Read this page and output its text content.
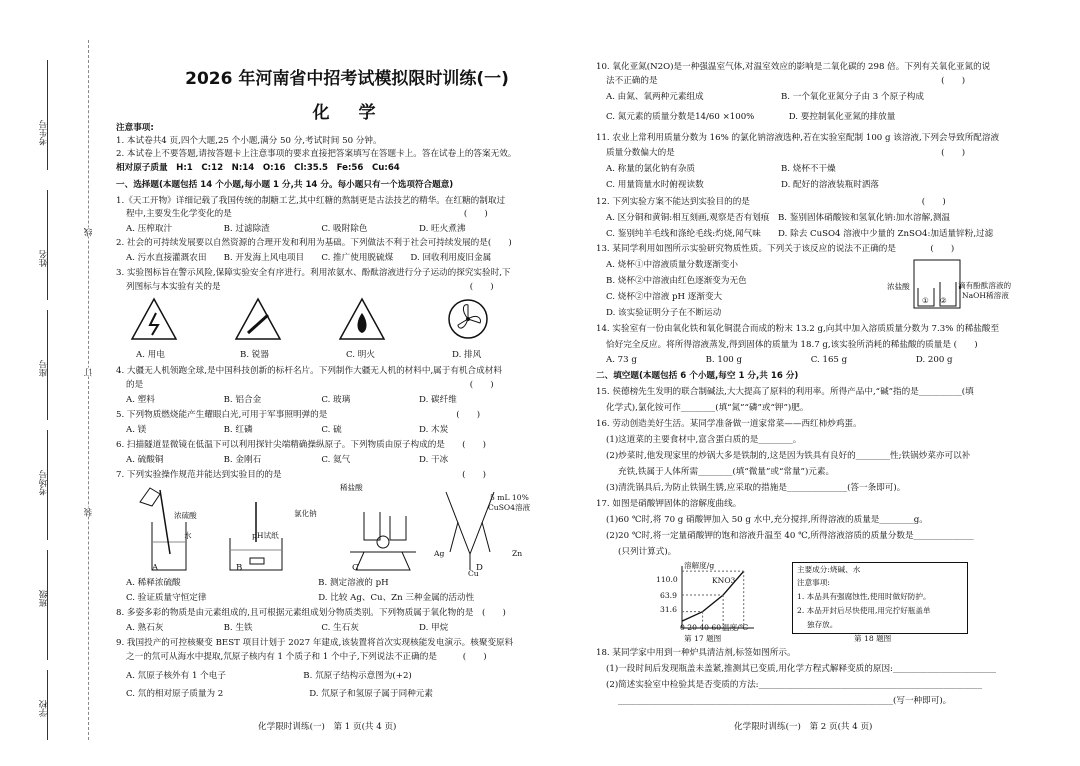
考生号
姓名
座号
考场号
班级
学校
线
订
装
2026 年河南省中招考试模拟限时训练(一)
化　学
注意事项:
1. 本试卷共4 页,四个大题,25 个小题,满分 50 分,考试时间 50 分钟。
2. 本试卷上不要答题,请按答题卡上注意事项的要求直接把答案填写在答题卡上。答在试卷上的答案无效。
相对原子质量　H:1　C:12　N:14　O:16　Cl:35.5　Fe:56　Cu:64
一、选择题(本题包括 14 个小题,每小题 1 分,共 14 分。每小题只有一个选项符合题意)
1.《天工开物》详细记载了我国传统的制糖工艺,其中红糖的熬制更是古法技艺的精华。在红糖的制取过
程中,主要发生化学变化的是　　　　　　　　　　　　　　　　　　　　　　　　　　　(　　)
A. 压榨取汁　　　　　　B. 过滤除渣　　　　　　C. 吸附除色　　　　　　D. 旺火煮沸
2. 社会的可持续发展要以自然资源的合理开发和利用为基础。下列做法不利于社会可持续发展的是(　　)
A. 污水直接灌溉农田　　B. 开发海上风电项目　　C. 推广使用脱硫煤　　D. 回收利用废旧金属
3. 实验图标旨在警示风险,保障实验安全有序进行。利用浓氨水、酚酞溶液进行分子运动的探究实验时,下
列图标与本实验有关的是　　　　　　　　　　　　　　　　　　　　　　　　　　　　　(　　)
A. 用电	B. 锐器	C. 明火	D. 排风
4. 大疆无人机领跑全球,是中国科技创新的标杆名片。下列制作大疆无人机的材料中,属于有机合成材料
的是　　　　　　　　　　　　　　　　　　　　　　　　　　　　　　　　　　　　　　(　　)
A. 塑料　　　　　　　　B. 铝合金　　　　　　　C. 玻璃　　　　　　　　D. 碳纤维
5. 下列物质燃烧能产生耀眼白光,可用于军事照明弹的是　　　　　　　　　　　　　　　(　　)
A. 镁　　　　　　　　　B. 红磷　　　　　　　　C. 硫　　　　　　　　　D. 木炭
6. 扫描隧道显微镜在低温下可以利用探针尖端精确操纵原子。下列物质由原子构成的是　　(　　)
A. 硫酸铜　　　　　　　B. 金刚石　　　　　　　C. 氦气　　　　　　　　D. 干冰
7. 下列实验操作规范并能达到实验目的的是　　　　　　　　　　　　　　　　　　　　　(　　)
浓硫酸
水	pH试纸
稀盐酸
氯化钠
5 mL 10%
CuSO4溶液
Ag
Cu
Zn
A	B	C	D
A. 稀释浓硫酸　　　　　　　　　　　　　　　　B. 测定溶液的 pH
C. 验证质量守恒定律　　　　　　　　　　　　　D. 比较 Ag、Cu、Zn 三种金属的活动性
8. 多姿多彩的物质是由元素组成的,且可根据元素组成划分物质类别。下列物质属于氧化物的是　(　　)
A. 熟石灰　　　　　　　B. 生铁　　　　　　　　C. 生石灰　　　　　　　D. 甲烷
9. 我国投产的可控核聚变 BEST 项目计划于 2027 年建成,该装置将首次实现核能发电演示。核聚变原料
之一的氘可从海水中提取,氘原子核内有 1 个质子和 1 个中子,下列说法不正确的是　　　(　　)
A. 氘原子核外有 1 个电子　　　　　　　　　B. 氘原子结构示意图为(+2)
C. 氘的相对原子质量为 2　　　　　　　　　　D. 氘原子和氢原子属于同种元素
化学限时训练(一)　第 1 页(共 4 页)
10. 氧化亚氮(N2O)是一种强温室气体,对温室效应的影响是二氧化碳的 298 倍。下列有关氧化亚氮的说
法不正确的是　　　　　　　　　　　　　　　　　　　　　　　　　　　　　　　　　(　　)
A. 由氮、氧两种元素组成　　　　　　　　　B. 一个氧化亚氮分子由 3 个原子构成
C. 氮元素的质量分数是14/60 ×100%　　　　D. 要控制氧化亚氮的排放量
11. 农业上常利用质量分数为 16% 的氯化钠溶液选种,若在实验室配制 100 g 该溶液,下列会导致所配溶液
质量分数偏大的是　　　　　　　　　　　　　　　　　　　　　　　　　　　　　　　(　　)
A. 称量的氯化钠有杂质　　　　　　　　　　B. 烧杯不干燥
C. 用量筒量水时俯视读数　　　　　　　　　D. 配好的溶液装瓶时洒落
12. 下列实验方案不能达到实验目的的是　　　　　　　　　　　　　　　　　　　　(　　)
A. 区分铜和黄铜:相互刻画,观察是否有划痕　B. 鉴别固体硝酸铵和氢氧化钠:加水溶解,测温
C. 鉴别纯羊毛线和涤纶毛线:灼烧,闻气味　　D. 除去 CuSO4 溶液中少量的 ZnSO4:加适量锌粉,过滤
13. 某同学利用如图所示实验研究物质性质。下列关于该反应的说法不正确的是　　　　(　　)
A. 烧杯①中溶液质量分数逐渐变小
B. 烧杯②中溶液由红色逐渐变为无色
C. 烧杯②中溶液 pH 逐渐变大
D. 该实验证明分子在不断运动
浓盐酸
① ②
滴有酚酞溶液的
NaOH稀溶液
14. 实验室有一份由氧化铁和氧化铜混合而成的粉末 13.2 g,向其中加入溶质质量分数为 7.3% 的稀盐酸至
恰好完全反应。将所得溶液蒸发,得到固体的质量为 18.7 g,该实验所消耗的稀盐酸的质量是 (　　)
A. 73 g　　　　　　　　B. 100 g　　　　　　　　C. 165 g　　　　　　　　D. 200 g
二、填空题(本题包括 6 个小题,每空 1 分,共 16 分)
15. 侯德榜先生发明的联合制碱法,大大提高了原料的利用率。所得产品中,“碱”指的是__________(填
化学式),氯化铵可作________(填“氮”“磷”或“钾”)肥。
16. 劳动创造美好生活。某同学准备做一道家常菜——西红柿炒鸡蛋。
(1)这道菜的主要食材中,富含蛋白质的是________。
(2)炒菜时,他发现家里的炒锅大多是铁制的,这是因为铁具有良好的________性;铁锅炒菜亦可以补
充铁,铁属于人体所需________(填“微量”或“常量”)元素。
(3)清洗锅具后,为防止铁锅生锈,应采取的措施是______________(答一条即可)。
17. 如图是硝酸钾固体的溶解度曲线。
(1)60 ℃时,将 70 g 硝酸钾加入 50 g 水中,充分搅拌,所得溶液的质量是________g。
(2)20 ℃时,将一定量硝酸钾的饱和溶液升温至 40 ℃,所得溶液溶质的质量分数是______________
(只列计算式)。
溶解度/g
110.0
63.9
31.6
KNO3
0 20 40 60 温度/℃
第 17 题图
主要成分:烧碱、水
注意事项:
1. 本品具有强腐蚀性,使用时做好防护。
2. 本品开封后尽快使用,用完拧好瓶盖单
独存放。
第 18 题图
18. 某同学家中用到一种炉具清洁剂,标签如图所示。
(1)一段时间后发现瓶盖未盖紧,推测其已变质,用化学方程式解释变质的原因:________________________
(2)简述实验室中检验其是否变质的方法:____________________________________________________
________________________________________________________________(写一种即可)。
化学限时训练(一)　第 2 页(共 4 页)
